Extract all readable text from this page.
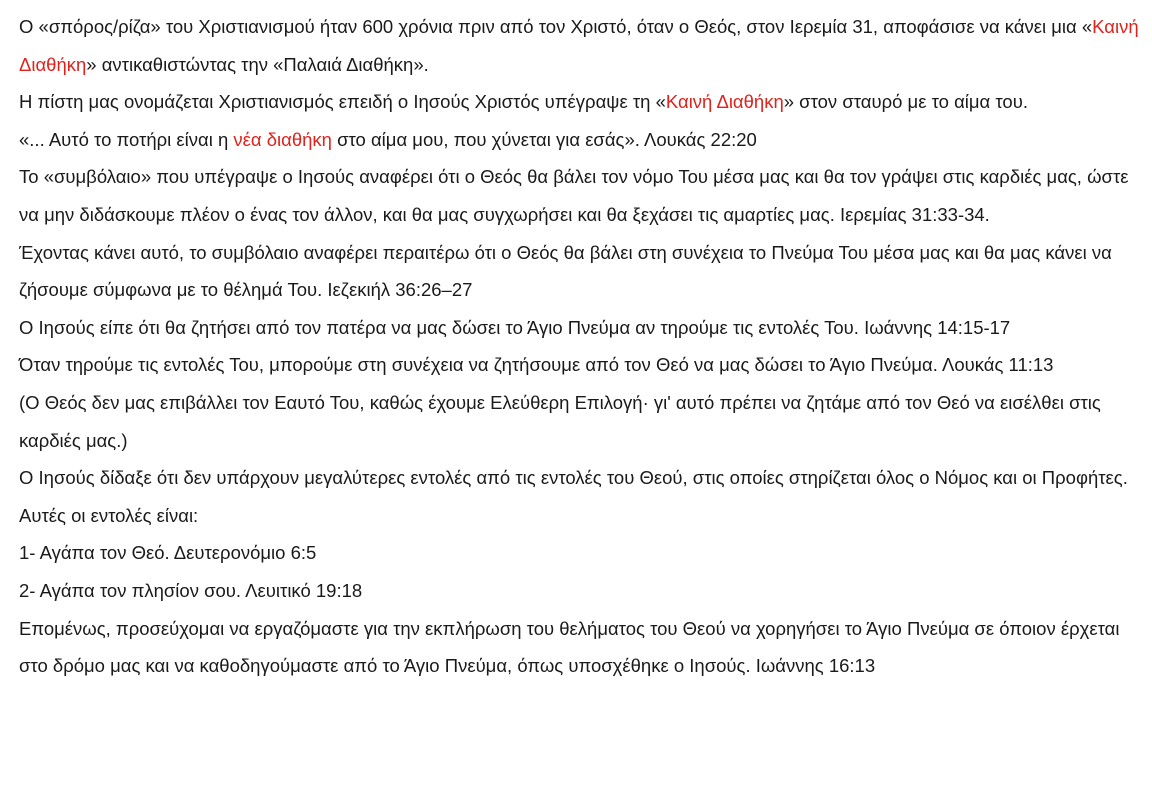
Ο «σπόρος/ρίζα» του Χριστιανισμού ήταν 600 χρόνια πριν από τον Χριστό, όταν ο Θεός, στον Ιερεμία 31, αποφάσισε να κάνει μια «Καινή Διαθήκη» αντικαθιστώντας την «Παλαιά Διαθήκη».

Η πίστη μας ονομάζεται Χριστιανισμός επειδή ο Ιησούς Χριστός υπέγραψε τη «Καινή Διαθήκη» στον σταυρό με το αίμα του.

«... Αυτό το ποτήρι είναι η νέα διαθήκη στο αίμα μου, που χύνεται για εσάς». Λουκάς 22:20

Το «συμβόλαιο» που υπέγραψε ο Ιησούς αναφέρει ότι ο Θεός θα βάλει τον νόμο Του μέσα μας και θα τον γράψει στις καρδιές μας, ώστε να μην διδάσκουμε πλέον ο ένας τον άλλον, και θα μας συγχωρήσει και θα ξεχάσει τις αμαρτίες μας. Ιερεμίας 31:33-34.

Έχοντας κάνει αυτό, το συμβόλαιο αναφέρει περαιτέρω ότι ο Θεός θα βάλει στη συνέχεια το Πνεύμα Του μέσα μας και θα μας κάνει να ζήσουμε σύμφωνα με το θέλημά Του. Ιεζεκιήλ 36:26–27

Ο Ιησούς είπε ότι θα ζητήσει από τον πατέρα να μας δώσει το Άγιο Πνεύμα αν τηρούμε τις εντολές Του. Ιωάννης 14:15-17

Όταν τηρούμε τις εντολές Του, μπορούμε στη συνέχεια να ζητήσουμε από τον Θεό να μας δώσει το Άγιο Πνεύμα. Λουκάς 11:13

(Ο Θεός δεν μας επιβάλλει τον Εαυτό Του, καθώς έχουμε Ελεύθερη Επιλογή· γι' αυτό πρέπει να ζητάμε από τον Θεό να εισέλθει στις καρδιές μας.)

Ο Ιησούς δίδαξε ότι δεν υπάρχουν μεγαλύτερες εντολές από τις εντολές του Θεού, στις οποίες στηρίζεται όλος ο Νόμος και οι Προφήτες. Αυτές οι εντολές είναι:

1- Αγάπα τον Θεό. Δευτερονόμιο 6:5

2- Αγάπα τον πλησίον σου. Λευιτικό 19:18

Επομένως, προσεύχομαι να εργαζόμαστε για την εκπλήρωση του θελήματος του Θεού να χορηγήσει το Άγιο Πνεύμα σε όποιον έρχεται στο δρόμο μας και να καθοδηγούμαστε από το Άγιο Πνεύμα, όπως υποσχέθηκε ο Ιησούς. Ιωάννης 16:13
